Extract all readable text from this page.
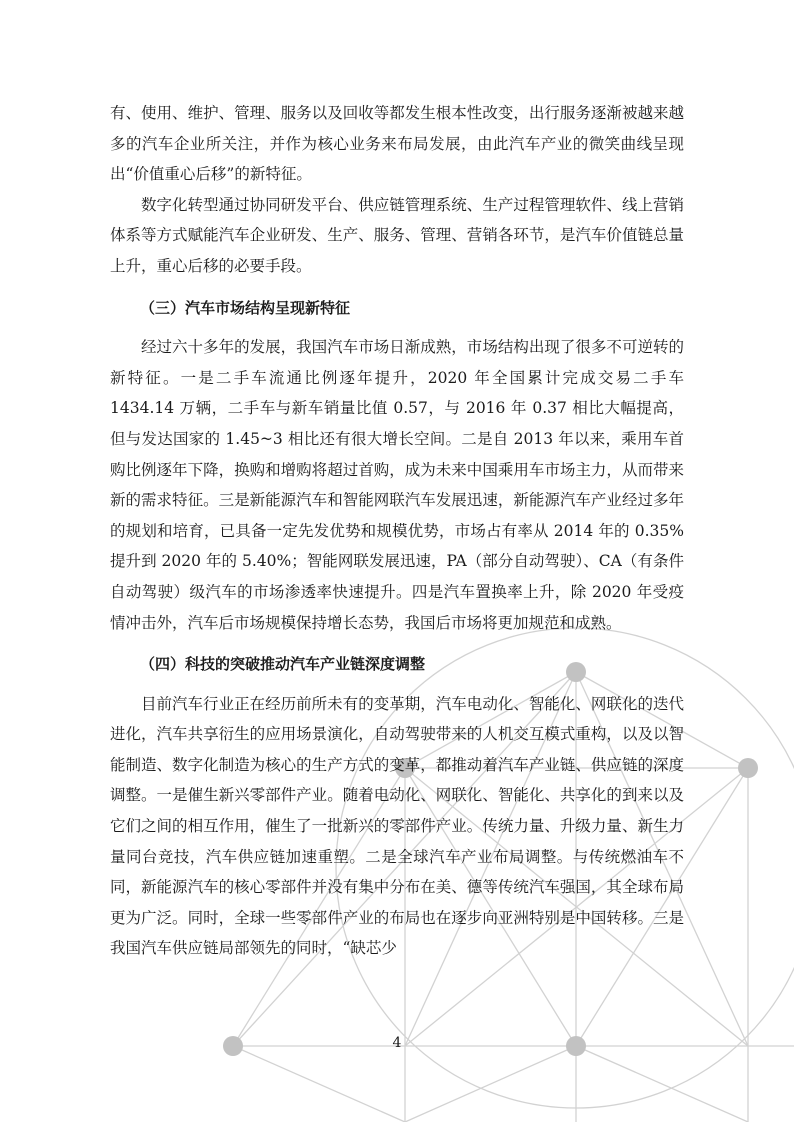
有、使用、维护、管理、服务以及回收等都发生根本性改变，出行服务逐渐被越来越多的汽车企业所关注，并作为核心业务来布局发展，由此汽车产业的微笑曲线呈现出“价值重心后移”的新特征。

数字化转型通过协同研发平台、供应链管理系统、生产过程管理软件、线上营销体系等方式赋能汽车企业研发、生产、服务、管理、营销各环节，是汽车价值链总量上升，重心后移的必要手段。

（三）汽车市场结构呈现新特征

经过六十多年的发展，我国汽车市场日渐成熟，市场结构出现了很多不可逆转的新特征。一是二手车流通比例逐年提升，2020 年全国累计完成交易二手车 1434.14 万辆，二手车与新车销量比值 0.57，与 2016 年 0.37 相比大幅提高，但与发达国家的 1.45~3 相比还有很大增长空间。二是自 2013 年以来，乘用车首购比例逐年下降，换购和增购将超过首购，成为未来中国乘用车市场主力，从而带来新的需求特征。三是新能源汽车和智能网联汽车发展迅速，新能源汽车产业经过多年的规划和培育，已具备一定先发优势和规模优势，市场占有率从 2014 年的 0.35%提升到 2020 年的 5.40%；智能网联发展迅速，PA（部分自动驾驶）、CA（有条件自动驾驶）级汽车的市场渗透率快速提升。四是汽车置换率上升，除 2020 年受疫情冲击外，汽车后市场规模保持增长态势，我国后市场将更加规范和成熟。

（四）科技的突破推动汽车产业链深度调整

目前汽车行业正在经历前所未有的变革期，汽车电动化、智能化、网联化的迭代进化，汽车共享衍生的应用场景演化，自动驾驶带来的人机交互模式重构，以及以智能制造、数字化制造为核心的生产方式的变革，都推动着汽车产业链、供应链的深度调整。一是催生新兴零部件产业。随着电动化、网联化、智能化、共享化的到来以及它们之间的相互作用，催生了一批新兴的零部件产业。传统力量、升级力量、新生力量同台竞技，汽车供应链加速重塑。二是全球汽车产业布局调整。与传统燃油车不同，新能源汽车的核心零部件并没有集中分布在美、德等传统汽车强国，其全球布局更为广泛。同时，全球一些零部件产业的布局也在逐步向亚洲特别是中国转移。三是我国汽车供应链局部领先的同时，“缺芯少

4
